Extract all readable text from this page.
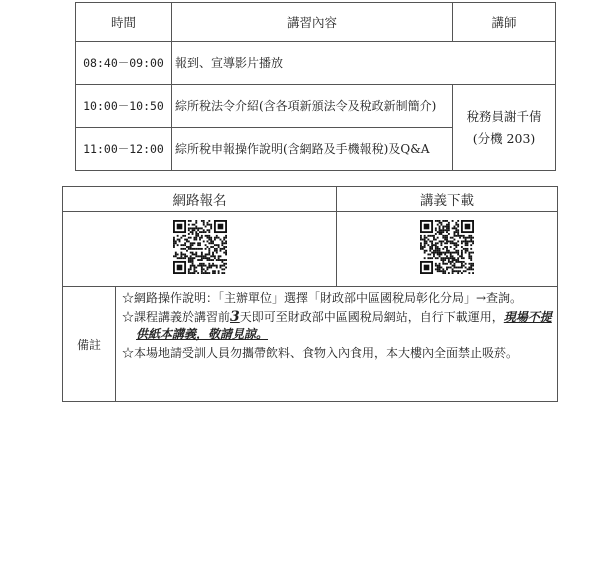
時間	講習內容	講師
08:40－09:00	報到、宣導影片播放	
10:00－10:50	綜所稅法令介紹(含各項新頒法令及稅政新制簡介)	稅務員謝千倩
(分機 203)

11:00－12:00	綜所稅申報操作說明(含網路及手機報稅)及Q&A	
網路報名		講義下載

備註	☆網路操作說明：「主辦單位」選擇「財政部中區國稅局彰化分局」→查詢。
☆課程講義於講習前3天即可至財政部中區國稅局網站，自行下載運用，現場不提供紙本講義，敬請見諒。
☆本場地請受訓人員勿攜帶飲料、食物入內食用，本大樓內全面禁止吸菸。	
